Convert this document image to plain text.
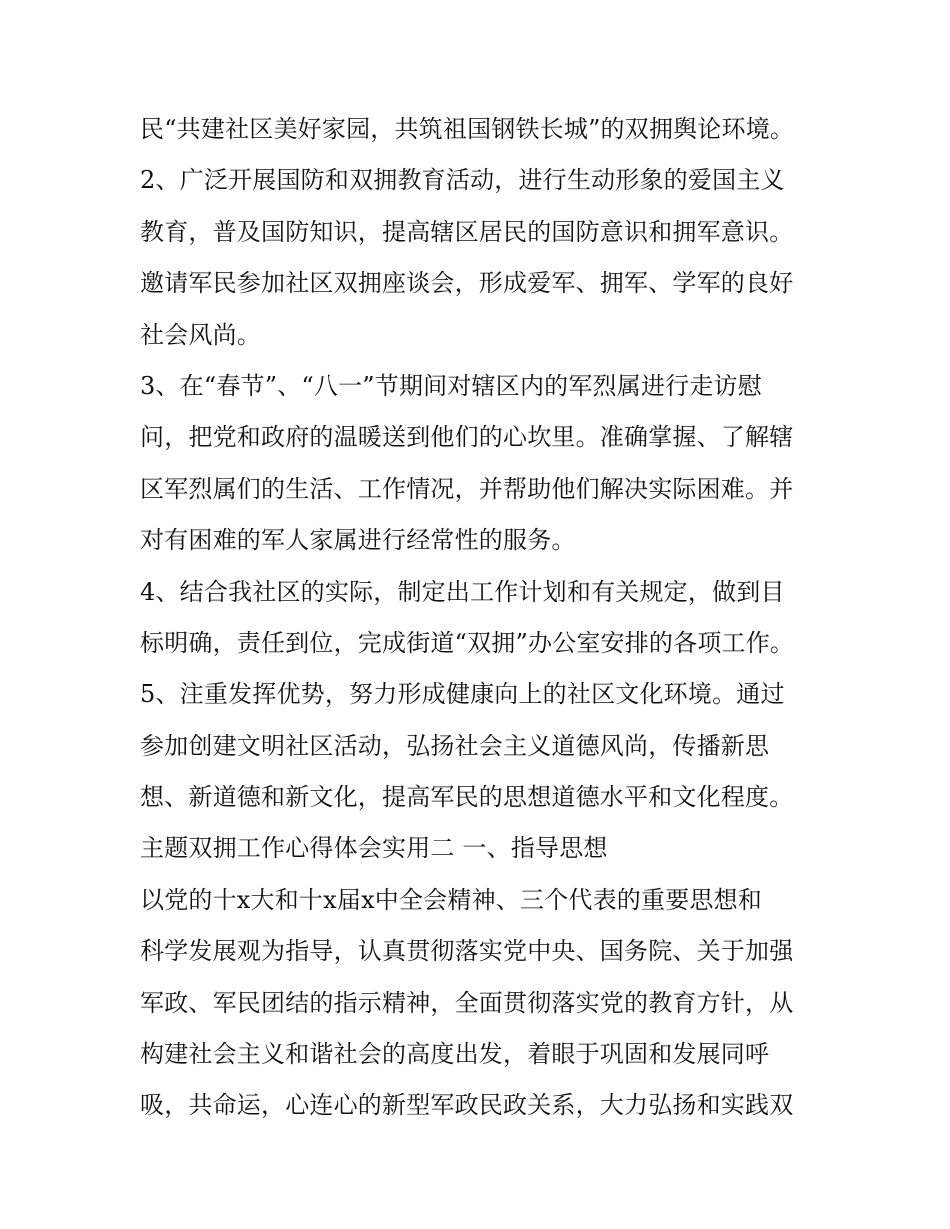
民“共建社区美好家园，共筑祖国钢铁长城”的双拥舆论环境。
2、广泛开展国防和双拥教育活动，进行生动形象的爱国主义
教育，普及国防知识，提高辖区居民的国防意识和拥军意识。
邀请军民参加社区双拥座谈会，形成爱军、拥军、学军的良好
社会风尚。
3、在“春节”、“八一”节期间对辖区内的军烈属进行走访慰
问，把党和政府的温暖送到他们的心坎里。准确掌握、了解辖
区军烈属们的生活、工作情况，并帮助他们解决实际困难。并
对有困难的军人家属进行经常性的服务。
4、结合我社区的实际，制定出工作计划和有关规定，做到目
标明确，责任到位，完成街道“双拥”办公室安排的各项工作。
5、注重发挥优势，努力形成健康向上的社区文化环境。通过
参加创建文明社区活动，弘扬社会主义道德风尚，传播新思
想、新道德和新文化，提高军民的思想道德水平和文化程度。
主题双拥工作心得体会实用二 一、指导思想
以党的十x大和十x届x中全会精神、三个代表的重要思想和
科学发展观为指导，认真贯彻落实党中央、国务院、关于加强
军政、军民团结的指示精神，全面贯彻落实党的教育方针，从
构建社会主义和谐社会的高度出发，着眼于巩固和发展同呼
吸，共命运，心连心的新型军政民政关系，大力弘扬和实践双
